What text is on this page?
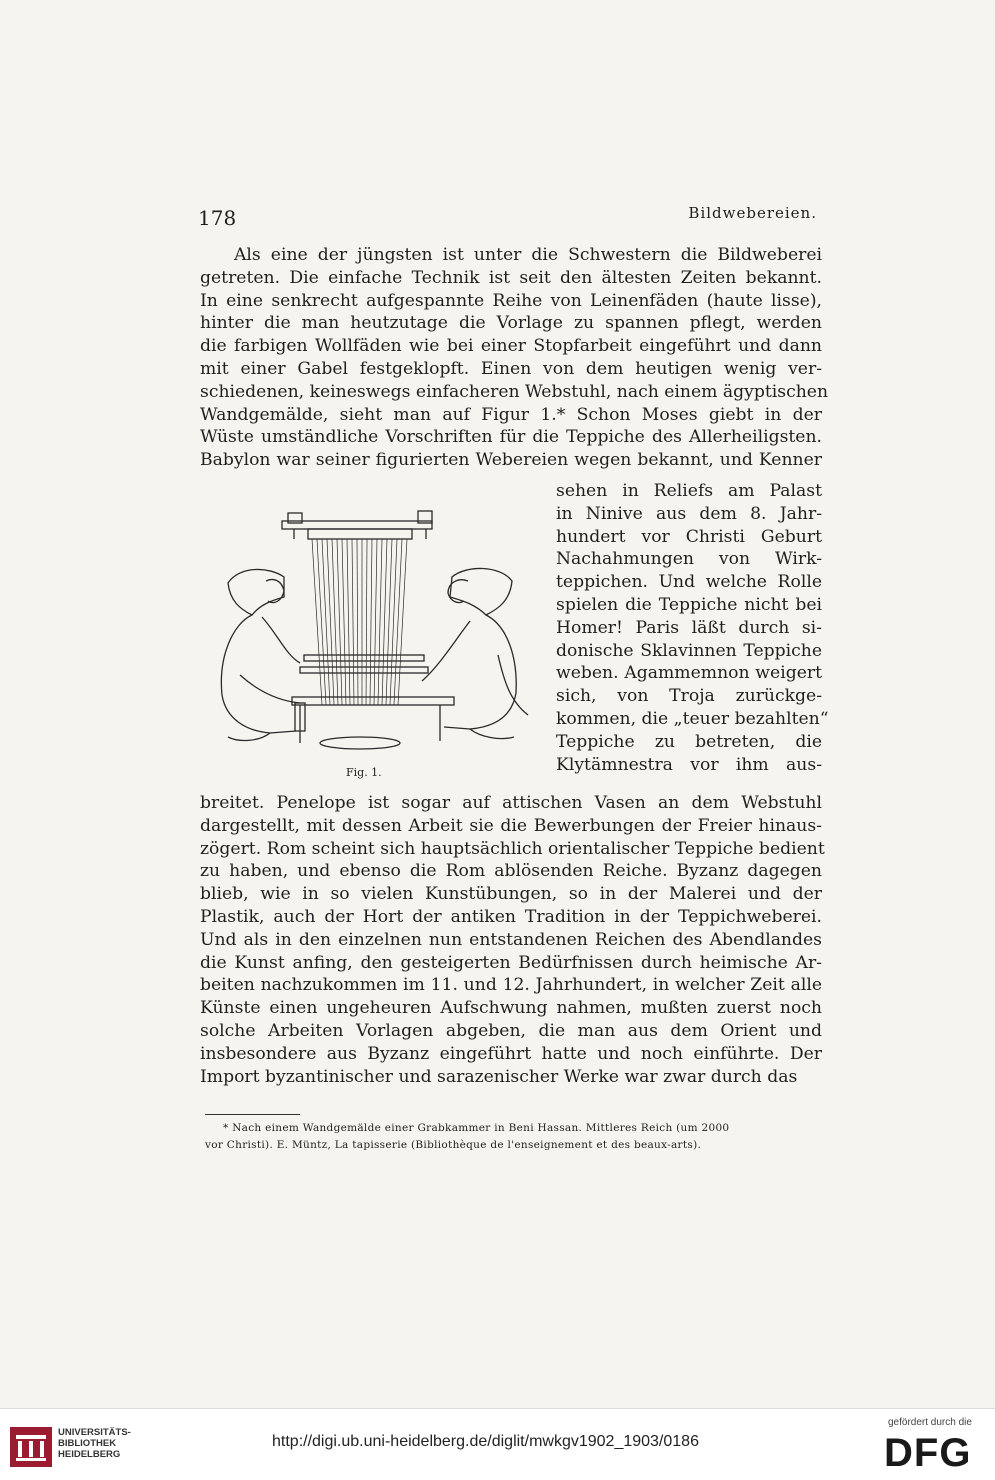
178	Bildwebereien.
Als eine der jüngsten ist unter die Schwestern die Bildweberei
getreten. Die einfache Technik ist seit den ältesten Zeiten bekannt.
In eine senkrecht aufgespannte Reihe von Leinenfäden (haute lisse),
hinter die man heutzutage die Vorlage zu spannen pflegt, werden
die farbigen Wollfäden wie bei einer Stopfarbeit eingeführt und dann
mit einer Gabel festgeklopft. Einen von dem heutigen wenig ver-
schiedenen, keineswegs einfacheren Webstuhl, nach einem ägyptischen
Wandgemälde, sieht man auf Figur 1.* Schon Moses giebt in der
Wüste umständliche Vorschriften für die Teppiche des Allerheiligsten.
Babylon war seiner figurierten Webereien wegen bekannt, und Kenner
sehen in Reliefs am Palast
in Ninive aus dem 8. Jahr-
hundert vor Christi Geburt
Nachahmungen von Wirk-
teppichen. Und welche Rolle
spielen die Teppiche nicht bei
Homer! Paris läßt durch si-
donische Sklavinnen Teppiche
weben. Agammemnon weigert
sich, von Troja zurückge-
kommen, die „teuer bezahlten“
Teppiche zu betreten, die
Klytämnestra vor ihm aus-
Fig. 1.
breitet. Penelope ist sogar auf attischen Vasen an dem Webstuhl
dargestellt, mit dessen Arbeit sie die Bewerbungen der Freier hinaus-
zögert. Rom scheint sich hauptsächlich orientalischer Teppiche bedient
zu haben, und ebenso die Rom ablösenden Reiche. Byzanz dagegen
blieb, wie in so vielen Kunstübungen, so in der Malerei und der
Plastik, auch der Hort der antiken Tradition in der Teppichweberei.
Und als in den einzelnen nun entstandenen Reichen des Abendlandes
die Kunst anfing, den gesteigerten Bedürfnissen durch heimische Ar-
beiten nachzukommen im 11. und 12. Jahrhundert, in welcher Zeit alle
Künste einen ungeheuren Aufschwung nahmen, mußten zuerst noch
solche Arbeiten Vorlagen abgeben, die man aus dem Orient und
insbesondere aus Byzanz eingeführt hatte und noch einführte. Der
Import byzantinischer und sarazenischer Werke war zwar durch das
* Nach einem Wandgemälde einer Grabkammer in Beni Hassan. Mittleres Reich (um 2000
vor Christi). E. Müntz, La tapisserie (Bibliothèque de l'enseignement et des beaux-arts).
UNIVERSITÄTS-
BIBLIOTHEK
HEIDELBERG
http://digi.ub.uni-heidelberg.de/diglit/mwkgv1902_1903/0186
gefördert durch die
DFG
